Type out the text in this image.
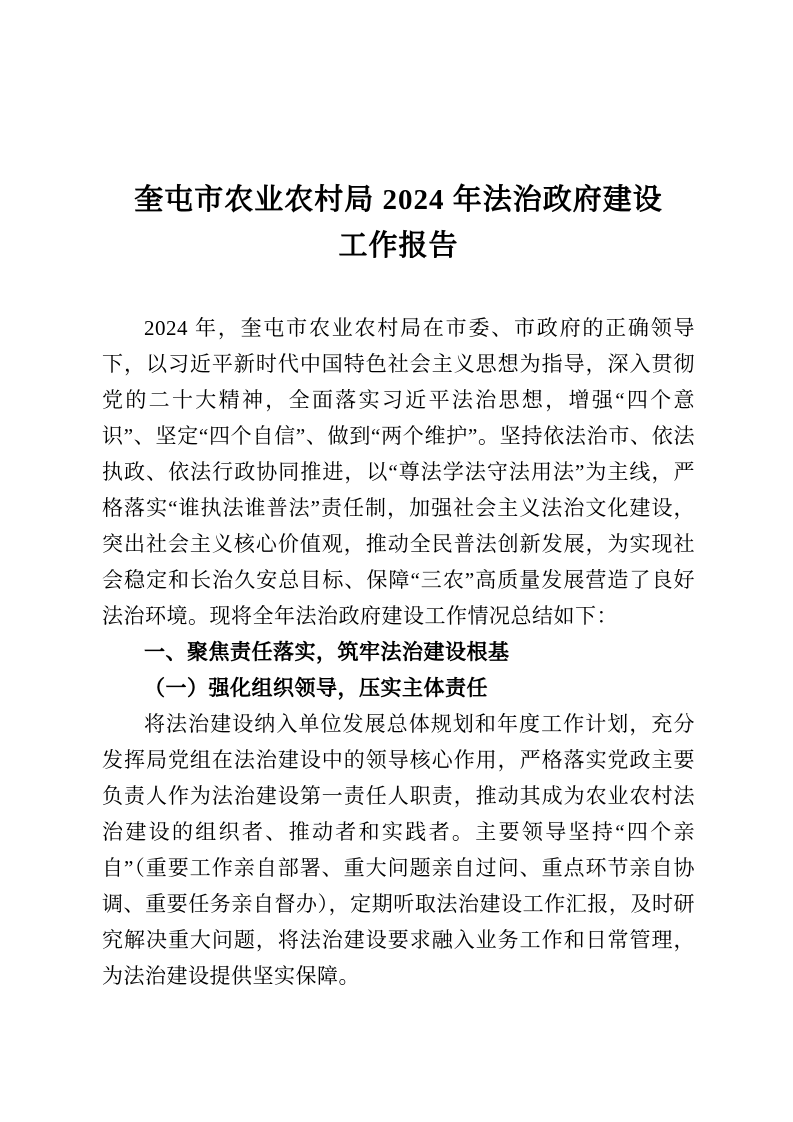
奎屯市农业农村局 2024 年法治政府建设
工作报告

2024 年，奎屯市农业农村局在市委、市政府的正确领导下，以习近平新时代中国特色社会主义思想为指导，深入贯彻党的二十大精神，全面落实习近平法治思想，增强“四个意识”、坚定“四个自信”、做到“两个维护”。坚持依法治市、依法执政、依法行政协同推进，以“尊法学法守法用法”为主线，严格落实“谁执法谁普法”责任制，加强社会主义法治文化建设，突出社会主义核心价值观，推动全民普法创新发展，为实现社会稳定和长治久安总目标、保障“三农”高质量发展营造了良好法治环境。现将全年法治政府建设工作情况总结如下：

一、聚焦责任落实，筑牢法治建设根基

（一）强化组织领导，压实主体责任

将法治建设纳入单位发展总体规划和年度工作计划，充分发挥局党组在法治建设中的领导核心作用，严格落实党政主要负责人作为法治建设第一责任人职责，推动其成为农业农村法治建设的组织者、推动者和实践者。主要领导坚持“四个亲自”（重要工作亲自部署、重大问题亲自过问、重点环节亲自协调、重要任务亲自督办），定期听取法治建设工作汇报，及时研究解决重大问题，将法治建设要求融入业务工作和日常管理，为法治建设提供坚实保障。
